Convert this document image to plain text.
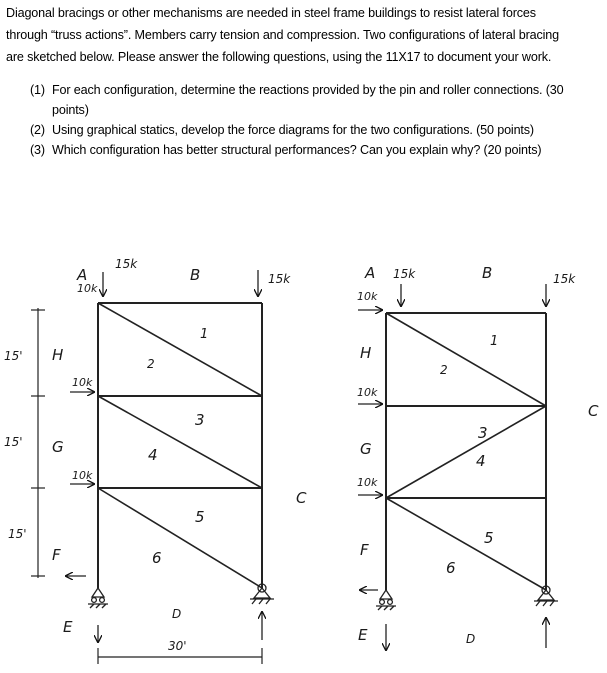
Diagonal bracings or other mechanisms are needed in steel frame buildings to resist lateral forces
through “truss actions”. Members carry tension and compression. Two configurations of lateral bracing
are sketched below. Please answer the following questions, using the 11X17 to document your work.
(1) For each configuration, determine the reactions provided by the pin and roller connections. (30
points)
(2) Using graphical statics, develop the force diagrams for the two configurations. (50 points)
(3) Which configuration has better structural performances? Can you explain why? (20 points)
A	B
C
D
E
F
G
H
1
2
3
4
5
6
15k
10k
15k
10k
10k
15'
15'
15'
30'
A	B
C
D
E
F
G
H
1
2
3
4
5
6
15k	15k
10k
10k
10k
